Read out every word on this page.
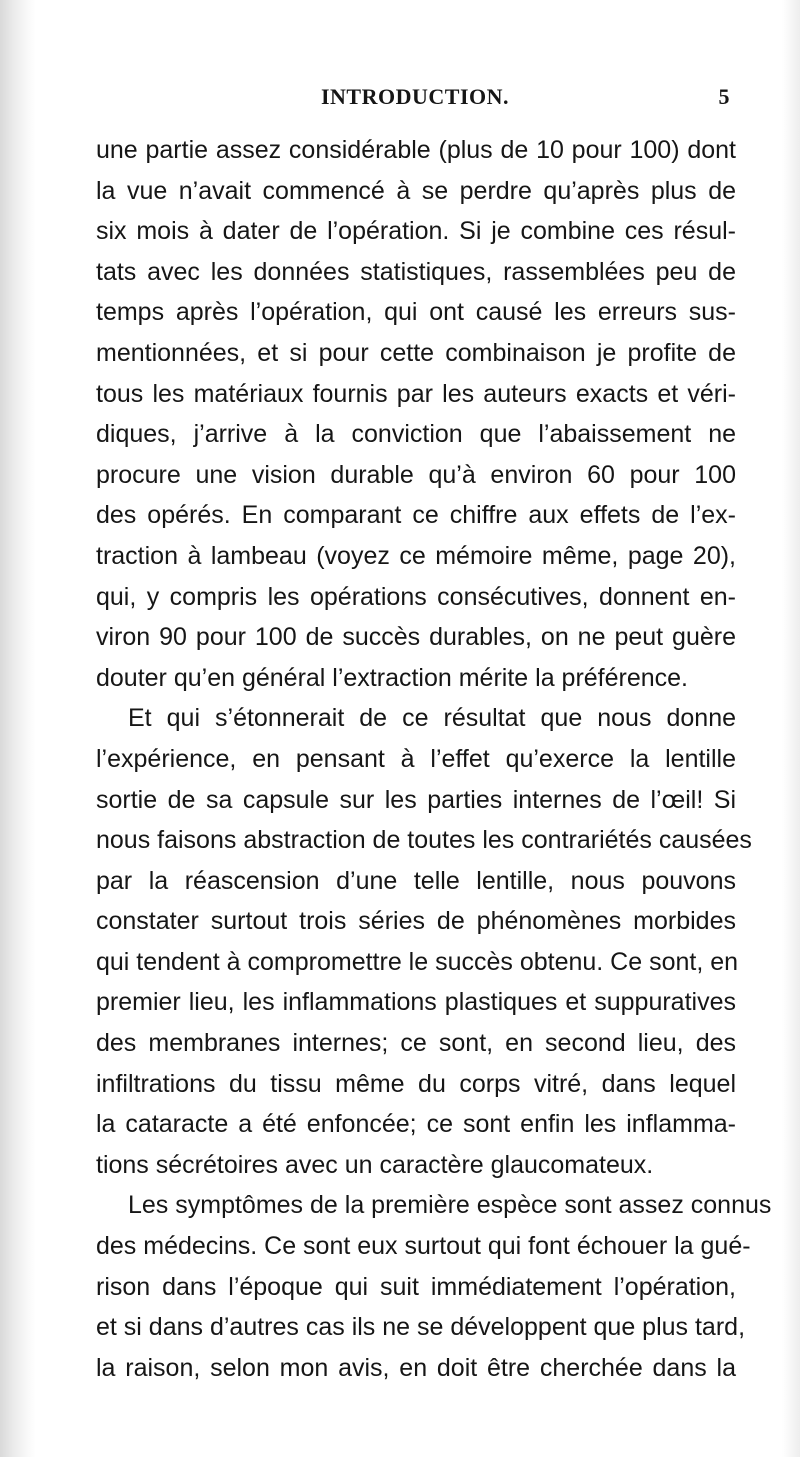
INTRODUCTION.	5
une partie assez considérable (plus de 10 pour 100) dont
la vue n’avait commencé à se perdre qu’après plus de
six mois à dater de l’opération. Si je combine ces résul-
tats avec les données statistiques, rassemblées peu de
temps après l’opération, qui ont causé les erreurs sus-
mentionnées, et si pour cette combinaison je profite de
tous les matériaux fournis par les auteurs exacts et véri-
diques, j’arrive à la conviction que l’abaissement ne
procure une vision durable qu’à environ 60 pour 100
des opérés. En comparant ce chiffre aux effets de l’ex-
traction à lambeau (voyez ce mémoire même, page 20),
qui, y compris les opérations consécutives, donnent en-
viron 90 pour 100 de succès durables, on ne peut guère
douter qu’en général l’extraction mérite la préférence.
Et qui s’étonnerait de ce résultat que nous donne
l’expérience, en pensant à l’effet qu’exerce la lentille
sortie de sa capsule sur les parties internes de l’œil! Si
nous faisons abstraction de toutes les contrariétés causées
par la réascension d’une telle lentille, nous pouvons
constater surtout trois séries de phénomènes morbides
qui tendent à compromettre le succès obtenu. Ce sont, en
premier lieu, les inflammations plastiques et suppuratives
des membranes internes; ce sont, en second lieu, des
infiltrations du tissu même du corps vitré, dans lequel
la cataracte a été enfoncée; ce sont enfin les inflamma-
tions sécrétoires avec un caractère glaucomateux.
Les symptômes de la première espèce sont assez connus
des médecins. Ce sont eux surtout qui font échouer la gué-
rison dans l’époque qui suit immédiatement l’opération,
et si dans d’autres cas ils ne se développent que plus tard,
la raison, selon mon avis, en doit être cherchée dans la
